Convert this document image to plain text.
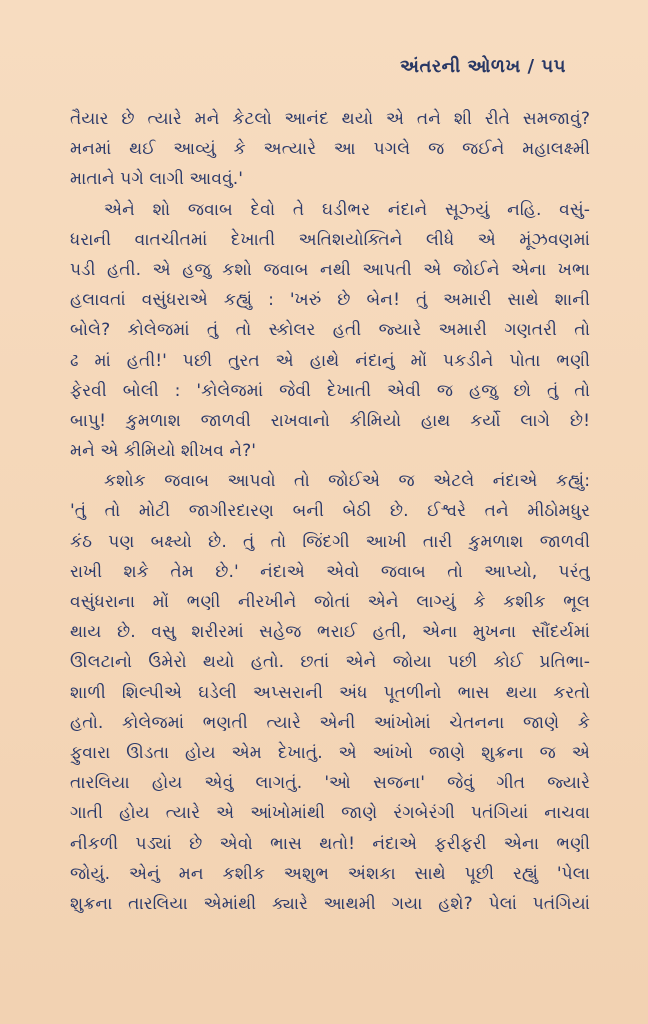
અંતરની ઓળખ / ૫૫
તૈયાર છે ત્યારે મને કેટલો આનંદ થયો એ તને શી રીતે સમજાવું?
મનમાં થઈ આવ્યું કે અત્યારે આ પગલે જ જઈને મહાલક્ષ્મી
માતાને પગે લાગી આવવું.'
એને શો જવાબ દેવો તે ઘડીભર નંદાને સૂઝ્યું નહિ. વસું-
ધરાની વાતચીતમાં દેખાતી અતિશયોક્તિને લીધે એ મૂંઝવણમાં
પડી હતી. એ હજુ કશો જવાબ નથી આપતી એ જોઈને એના ખભા
હલાવતાં વસુંધરાએ કહ્યું : 'ખરું છે બેન! તું અમારી સાથે શાની
બોલે? કોલેજમાં તું તો સ્કોલર હતી જ્યારે અમારી ગણતરી તો
ઢ માં હતી!' પછી તુરત એ હાથે નંદાનું મોં પકડીને પોતા ભણી
ફેરવી બોલી : 'કોલેજમાં જેવી દેખાતી એવી જ હજુ છો તું તો
બાપુ! કુમળાશ જાળવી રાખવાનો કીમિયો હાથ કર્યો લાગે છે!
મને એ કીમિયો શીખવ ને?'
કશોક જવાબ આપવો તો જોઈએ જ એટલે નંદાએ કહ્યું:
'તું તો મોટી જાગીરદારણ બની બેઠી છે. ઈશ્વરે તને મીઠોમધુર
કંઠ પણ બક્ષ્યો છે. તું તો જિંદગી આખી તારી કુમળાશ જાળવી
રાખી શકે તેમ છે.' નંદાએ એવો જવાબ તો આપ્યો, પરંતુ
વસુંધરાના મોં ભણી નીરખીને જોતાં એને લાગ્યું કે કશીક ભૂલ
થાય છે. વસુ શરીરમાં સહેજ ભરાઈ હતી, એના મુખના સૌંદર્યમાં
ઊલટાનો ઉમેરો થયો હતો. છતાં એને જોયા પછી કોઈ પ્રતિભા-
શાળી શિલ્પીએ ઘડેલી અપ્સરાની અંધ પૂતળીનો ભાસ થયા કરતો
હતો. કોલેજમાં ભણતી ત્યારે એની આંખોમાં ચેતનના જાણે કે
ફુવારા ઊડતા હોય એમ દેખાતું. એ આંખો જાણે શુક્રના જ એ
તારલિયા હોય એવું લાગતું. 'ઓ સજના' જેવું ગીત જ્યારે
ગાતી હોય ત્યારે એ આંખોમાંથી જાણે રંગબેરંગી પતંગિયાં નાચવા
નીકળી પડ્યાં છે એવો ભાસ થતો! નંદાએ ફરીફરી એના ભણી
જોયું. એનું મન કશીક અશુભ અંશકા સાથે પૂછી રહ્યું 'પેલા
શુક્રના તારલિયા એમાંથી ક્યારે આથમી ગયા હશે? પેલાં પતંગિયાં
